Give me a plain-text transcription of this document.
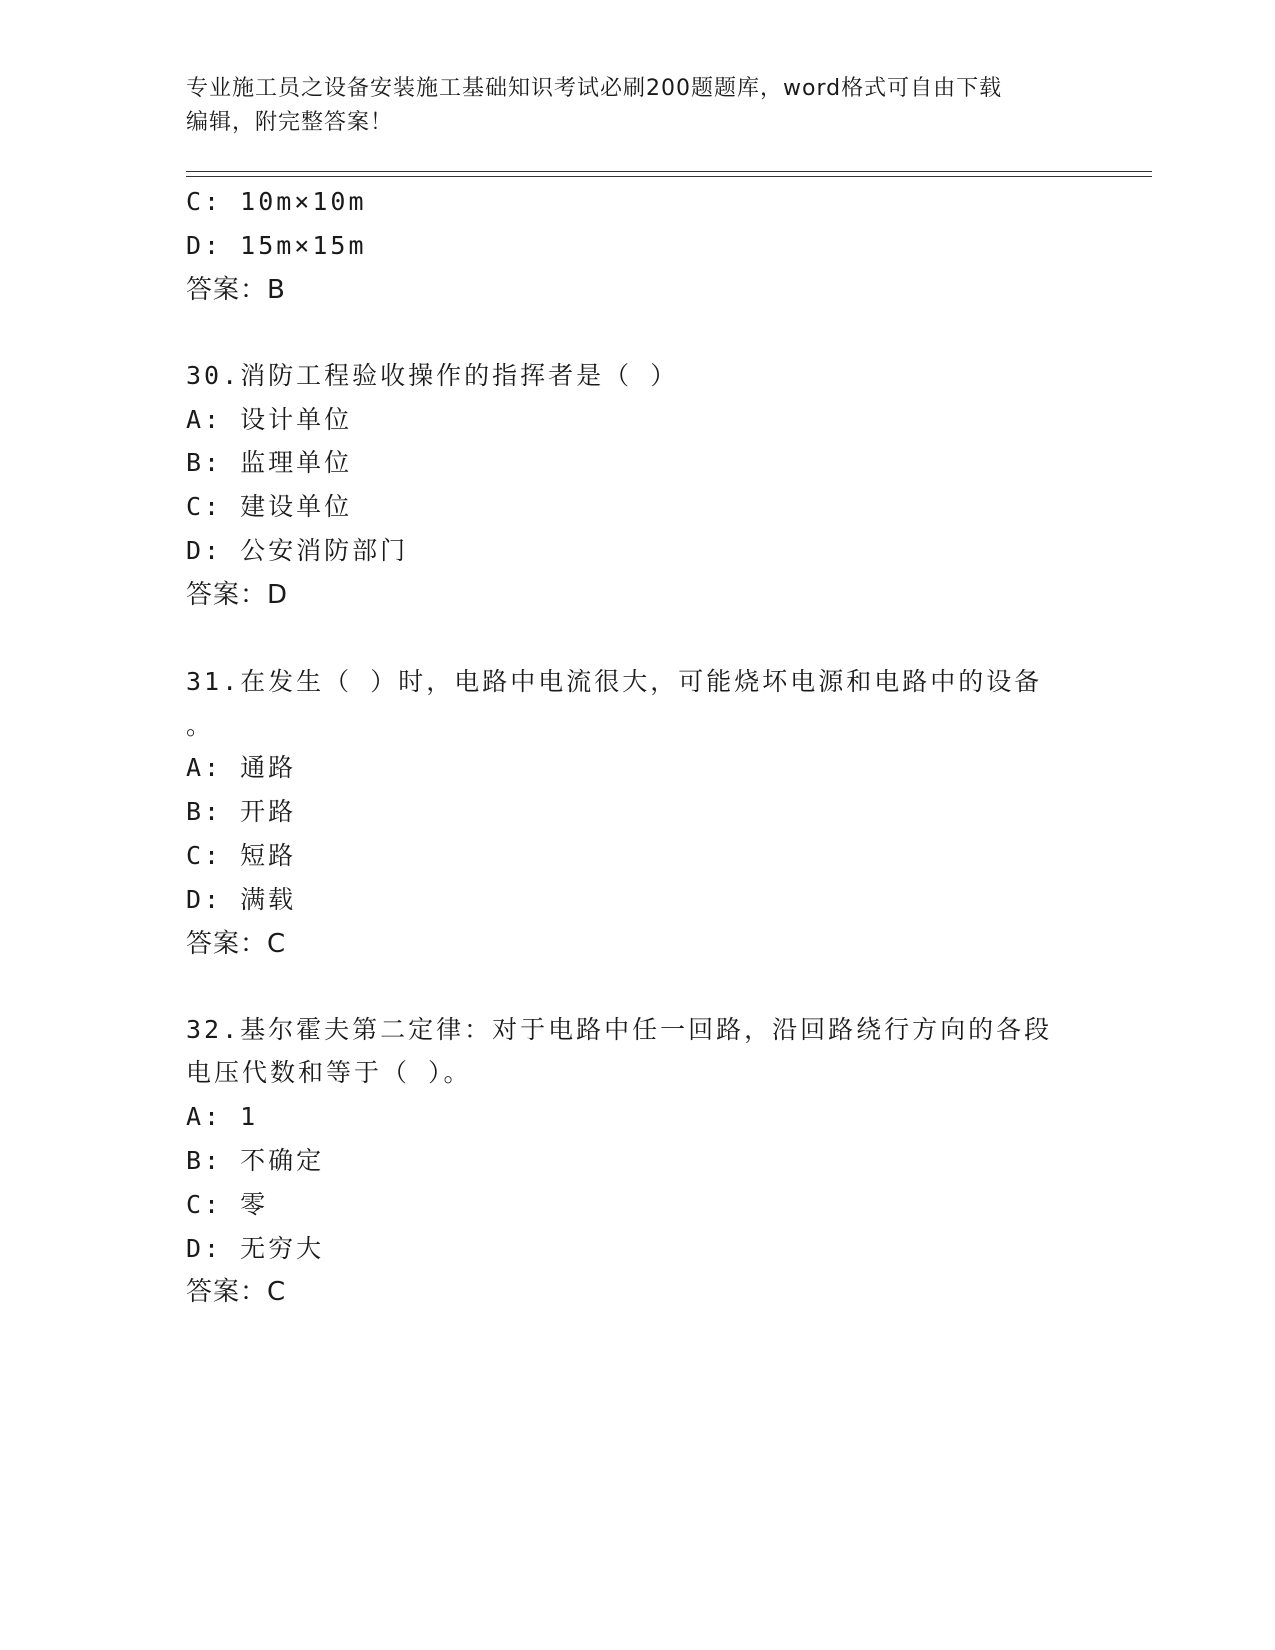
专业施工员之设备安装施工基础知识考试必刷200题题库，word格式可自由下载
编辑，附完整答案！
C: 10m×10m
D: 15m×15m
答案：B
30.消防工程验收操作的指挥者是（ ）
A: 设计单位
B: 监理单位
C: 建设单位
D: 公安消防部门
答案：D
31.在发生（ ）时，电路中电流很大，可能烧坏电源和电路中的设备
。
A: 通路
B: 开路
C: 短路
D: 满载
答案：C
32.基尔霍夫第二定律：对于电路中任一回路，沿回路绕行方向的各段
电压代数和等于（ ）。
A: 1
B: 不确定
C: 零
D: 无穷大
答案：C
